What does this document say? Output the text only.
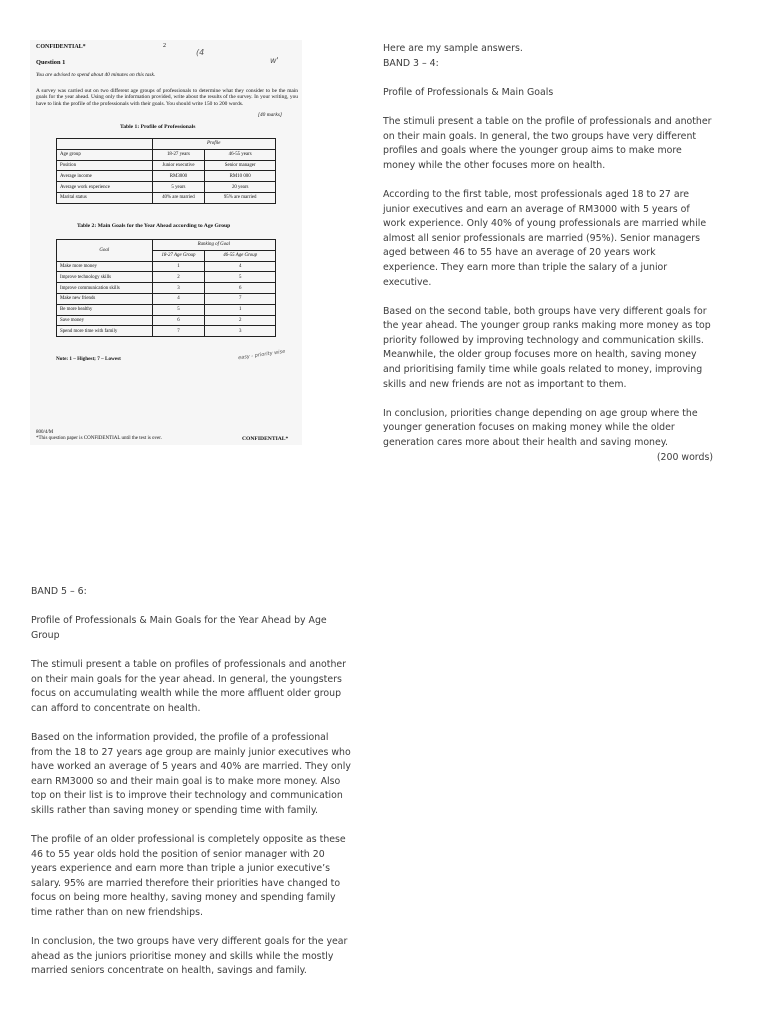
CONFIDENTIAL*	2
(4
w'
Question 1
You are advised to spend about 40 minutes on this task.

A survey was carried out on two different age groups of professionals to determine what they consider to be the main goals for the year ahead. Using only the information provided, write about the results of the survey. In your writing, you have to link the profile of the professionals with their goals. You should write 150 to 200 words.

[40 marks]
Table 1: Profile of Professionals
	Profile	
Age group	18-27 years	46-55 years
Position	Junior executive	Senior manager
Average income	RM3000	RM10 000
Average work experience	5 years	20 years
Marital status	40% are married	95% are married
Table 2: Main Goals for the Year Ahead according to Age Group
Goal	Ranking of Goal	
	18-27 Age Group	46-55 Age Group
Make more money	1	4
Improve technology skills	2	5
Improve communication skills	3	6
Make new friends	4	7
Be more healthy	5	1
Save money	6	2
Spend more time with family	7	3
Note: 1 – Highest; 7 – Lowest	easy - priority wise
800/4/M
*This question paper is CONFIDENTIAL until the test is over.	CONFIDENTIAL*
Here are my sample answers.

BAND 3 – 4:

Profile of Professionals & Main Goals

The stimuli present a table on the profile of professionals and another on their main goals. In general, the two groups have very different profiles and goals where the younger group aims to make more money while the other focuses more on health.

According to the first table, most professionals aged 18 to 27 are junior executives and earn an average of RM3000 with 5 years of work experience. Only 40% of young professionals are married while almost all senior professionals are married (95%). Senior managers aged between 46 to 55 have an average of 20 years work experience. They earn more than triple the salary of a junior executive.

Based on the second table, both groups have very different goals for the year ahead. The younger group ranks making more money as top priority followed by improving technology and communication skills. Meanwhile, the older group focuses more on health, saving money and prioritising family time while goals related to money, improving skills and new friends are not as important to them.

In conclusion, priorities change depending on age group where the younger generation focuses on making money while the older generation cares more about their health and saving money.

(200 words)

BAND 5 – 6:

Profile of Professionals & Main Goals for the Year Ahead by Age Group

The stimuli present a table on profiles of professionals and another on their main goals for the year ahead. In general, the youngsters focus on accumulating wealth while the more affluent older group can afford to concentrate on health.

Based on the information provided, the profile of a professional from the 18 to 27 years age group are mainly junior executives who have worked an average of 5 years and 40% are married. They only earn RM3000 so and their main goal is to make more money. Also top on their list is to improve their technology and communication skills rather than saving money or spending time with family.

The profile of an older professional is completely opposite as these 46 to 55 year olds hold the position of senior manager with 20 years experience and earn more than triple a junior executive’s salary. 95% are married therefore their priorities have changed to focus on being more healthy, saving money and spending family time rather than on new friendships.

In conclusion, the two groups have very different goals for the year ahead as the juniors prioritise money and skills while the mostly married seniors concentrate on health, savings and family.
